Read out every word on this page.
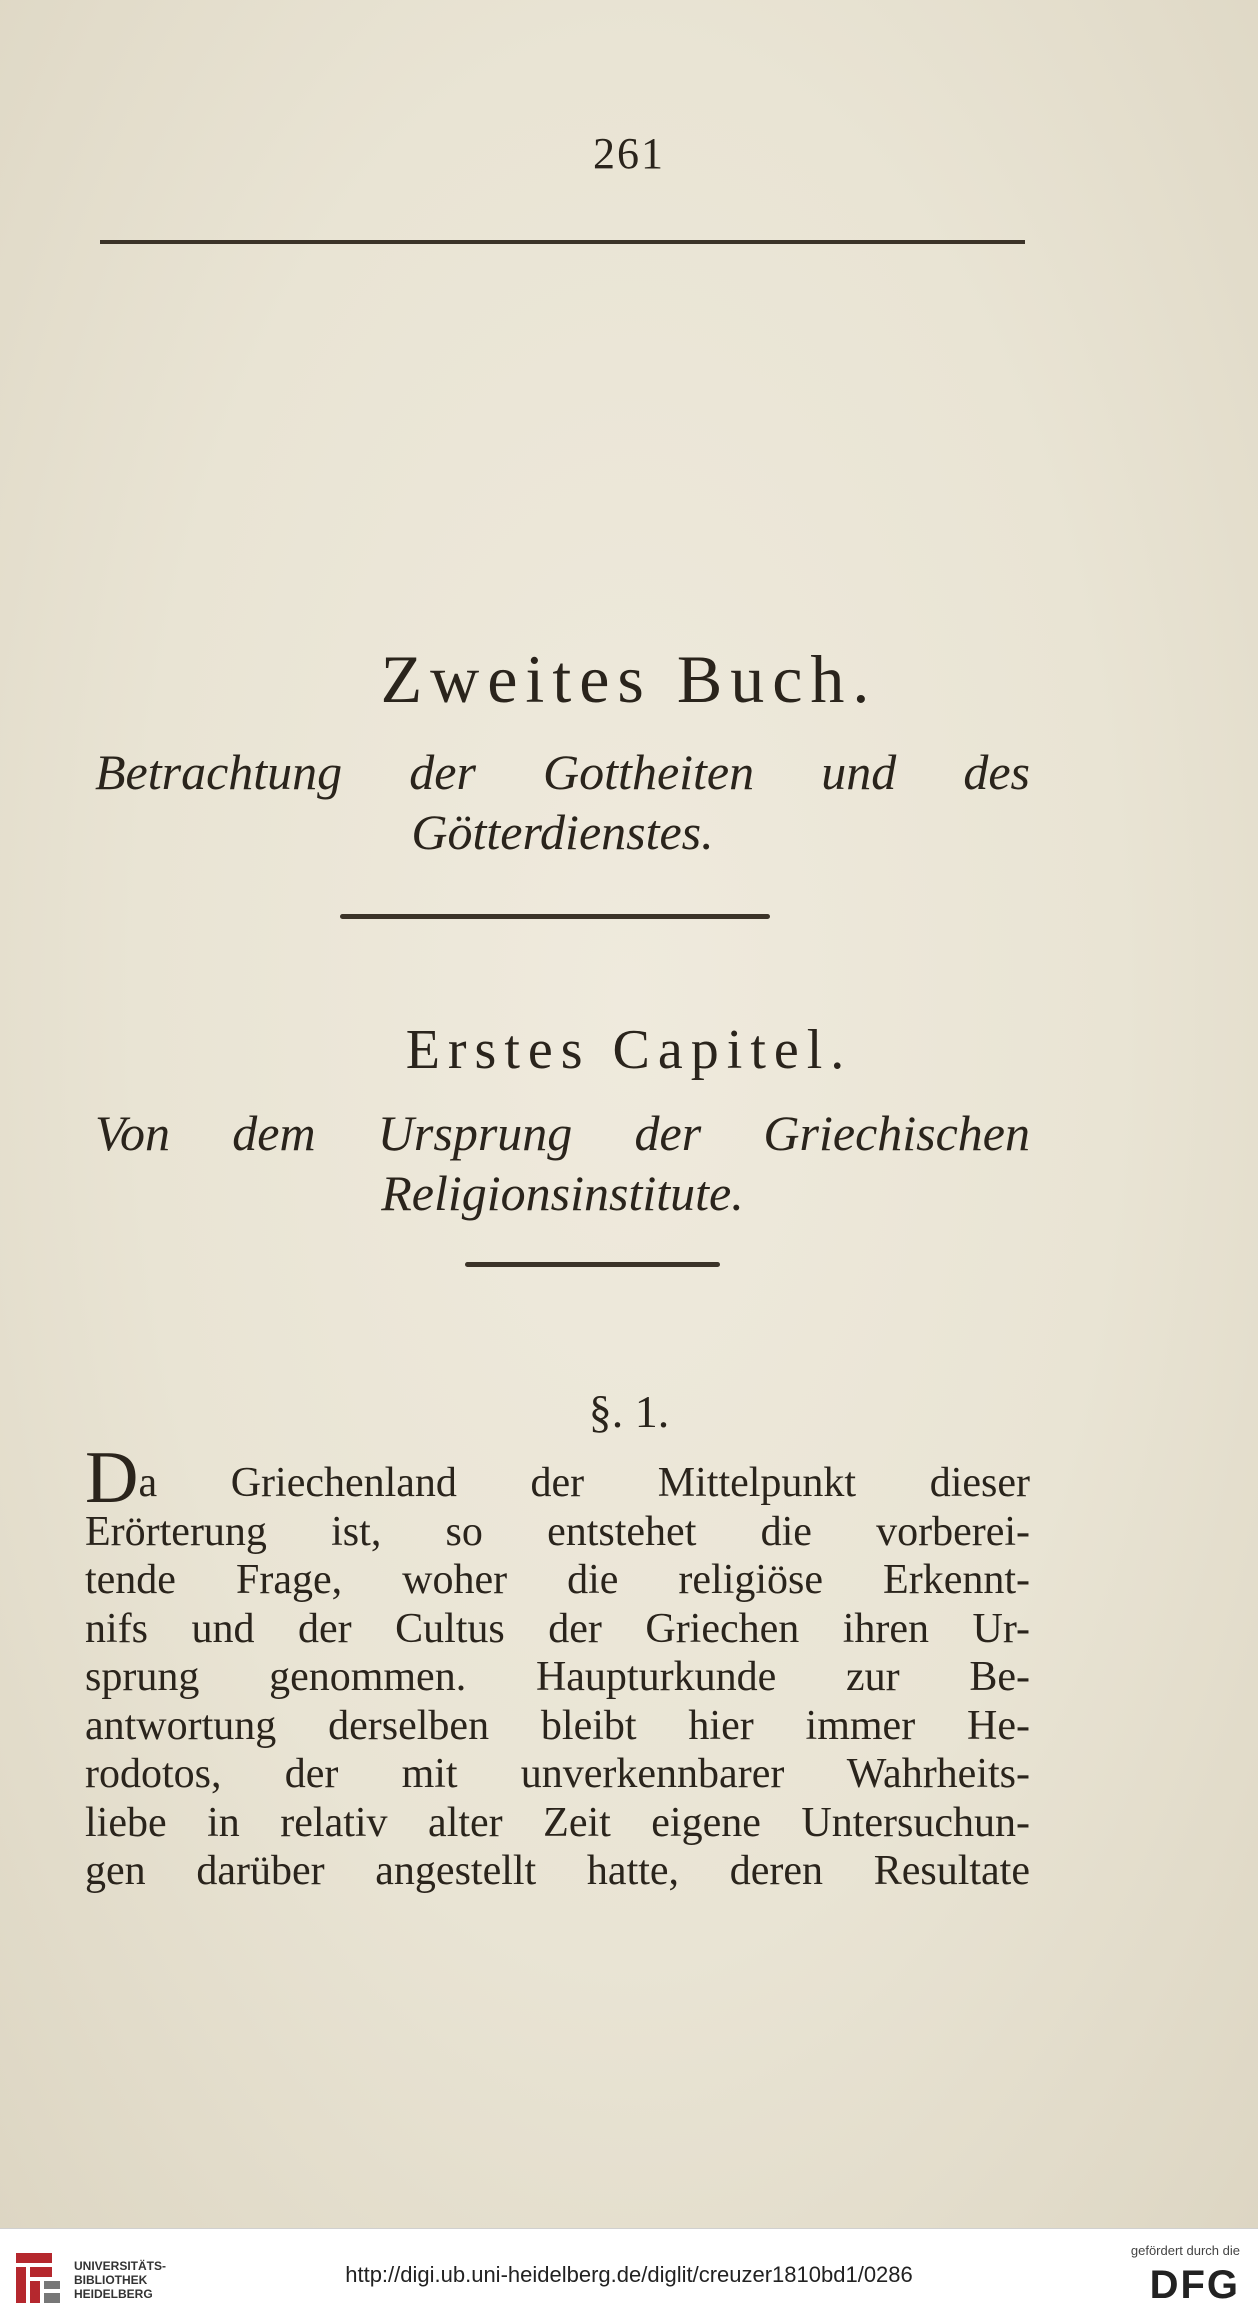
261
Zweites Buch.
Betrachtung der Gottheiten und des Götterdienstes.
Erstes Capitel.
Von dem Ursprung der Griechischen Religionsinstitute.
§. 1.
Da Griechenland der Mittelpunkt dieser
Erörterung ist, so entstehet die vorberei-
tende Frage, woher die religiöse Erkennt-
nifs und der Cultus der Griechen ihren Ur-
sprung genommen. Haupturkunde zur Be-
antwortung derselben bleibt hier immer He-
rodotos, der mit unverkennbarer Wahrheits-
liebe in relativ alter Zeit eigene Untersuchun-
gen darüber angestellt hatte, deren Resultate
UNIVERSITÄTS-
BIBLIOTHEK
HEIDELBERG
http://digi.ub.uni-heidelberg.de/diglit/creuzer1810bd1/0286
gefördert durch die
DFG
